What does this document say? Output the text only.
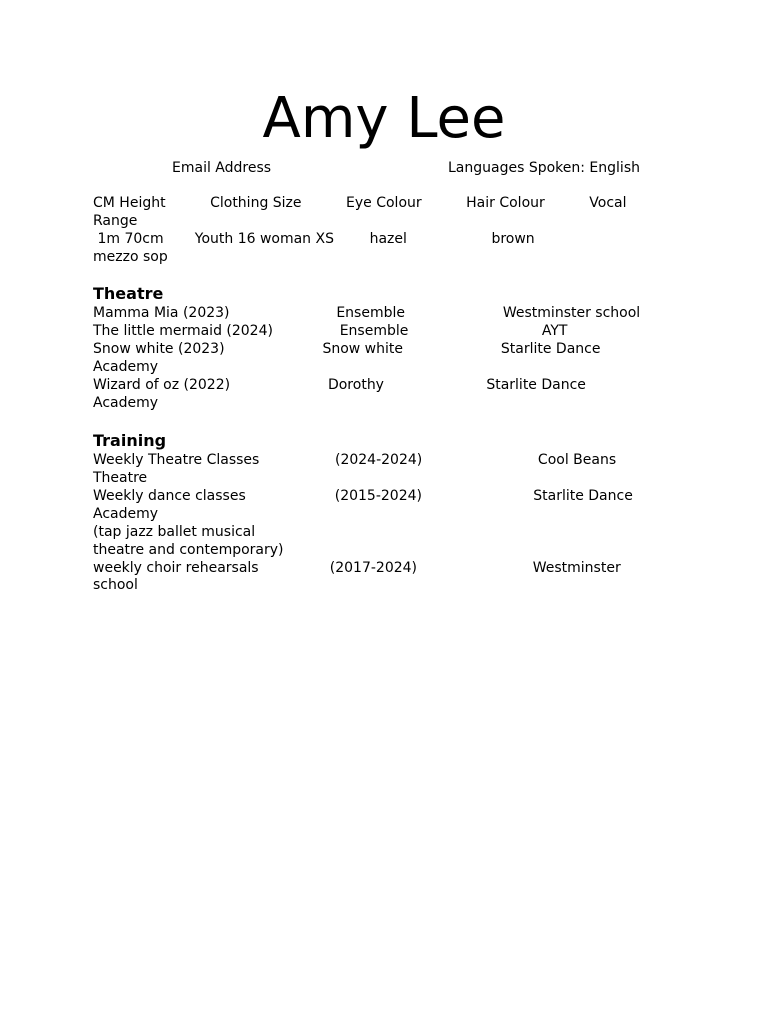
Amy Lee
Email Address	Languages Spoken: English
CM Height          Clothing Size          Eye Colour          Hair Colour          Vocal
Range
1m 70cm       Youth 16 woman XS        hazel                   brown
mezzo sop
Theatre
Mamma Mia (2023)                        Ensemble                      Westminster school
The little mermaid (2024)               Ensemble                              AYT
Snow white (2023)                      Snow white                      Starlite Dance
Academy
Wizard of oz (2022)                      Dorothy                       Starlite Dance
Academy
Training
Weekly Theatre Classes                 (2024-2024)                          Cool Beans
Theatre
Weekly dance classes                    (2015-2024)                         Starlite Dance
Academy
(tap jazz ballet musical
theatre and contemporary)
weekly choir rehearsals                (2017-2024)                          Westminster
school
